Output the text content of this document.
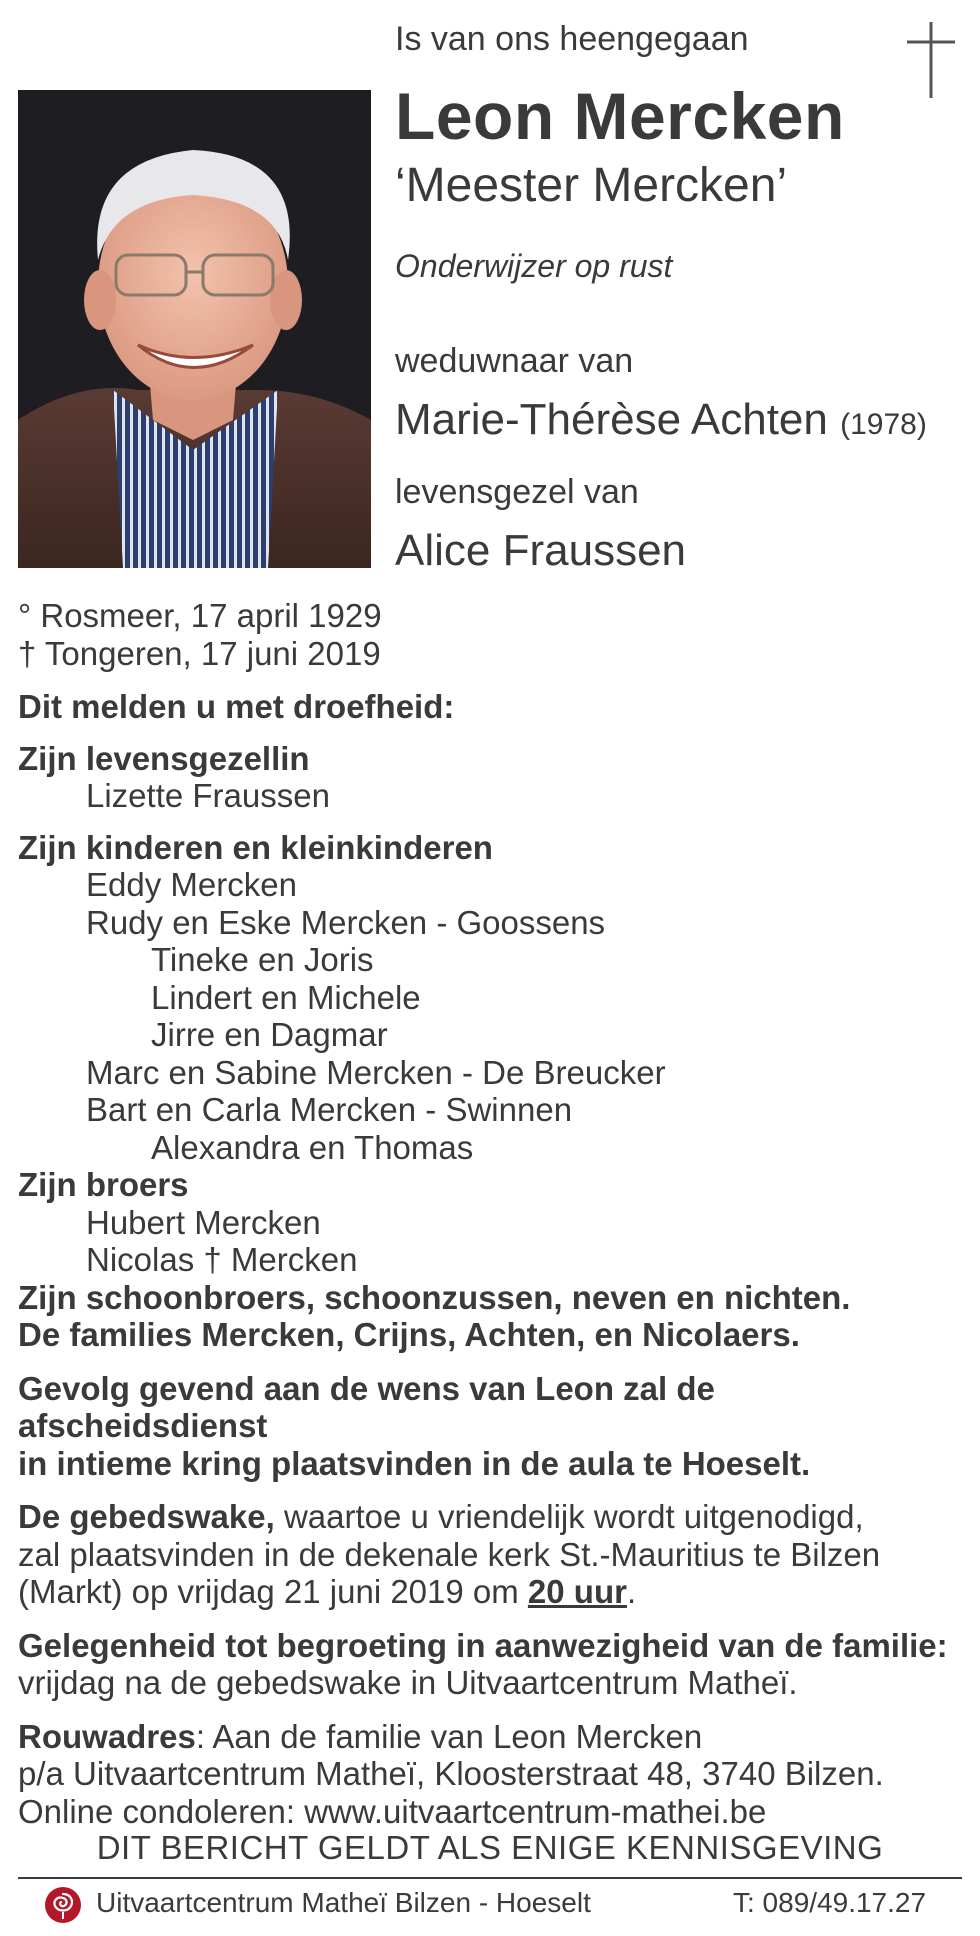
Is van ons heengegaan
Leon Mercken
‘Meester Mercken’
Onderwijzer op rust
weduwnaar van
Marie-Thérèse Achten (1978)
levensgezel van
Alice Fraussen
° Rosmeer, 17 april 1929
† Tongeren, 17 juni 2019
Dit melden u met droefheid:
Zijn levensgezellin
Lizette Fraussen
Zijn kinderen en kleinkinderen
Eddy Mercken
Rudy en Eske Mercken - Goossens
Tineke en Joris
Lindert en Michele
Jirre en Dagmar
Marc en Sabine Mercken - De Breucker
Bart en Carla Mercken - Swinnen
Alexandra en Thomas
Zijn broers
Hubert Mercken
Nicolas † Mercken
Zijn schoonbroers, schoonzussen, neven en nichten.
De families Mercken, Crijns, Achten, en Nicolaers.
Gevolg gevend aan de wens van Leon zal de afscheidsdienst
in intieme kring plaatsvinden in de aula te Hoeselt.
De gebedswake, waartoe u vriendelijk wordt uitgenodigd,
zal plaatsvinden in de dekenale kerk St.-Mauritius te Bilzen
(Markt) op vrijdag 21 juni 2019 om 20 uur.
Gelegenheid tot begroeting in aanwezigheid van de familie:
vrijdag na de gebedswake in Uitvaartcentrum Matheï.
Rouwadres: Aan de familie van Leon Mercken
p/a Uitvaartcentrum Matheï, Kloosterstraat 48, 3740 Bilzen.
Online condoleren: www.uitvaartcentrum-mathei.be
DIT BERICHT GELDT ALS ENIGE KENNISGEVING
Uitvaartcentrum Matheï Bilzen - Hoeselt	T: 089/49.17.27
